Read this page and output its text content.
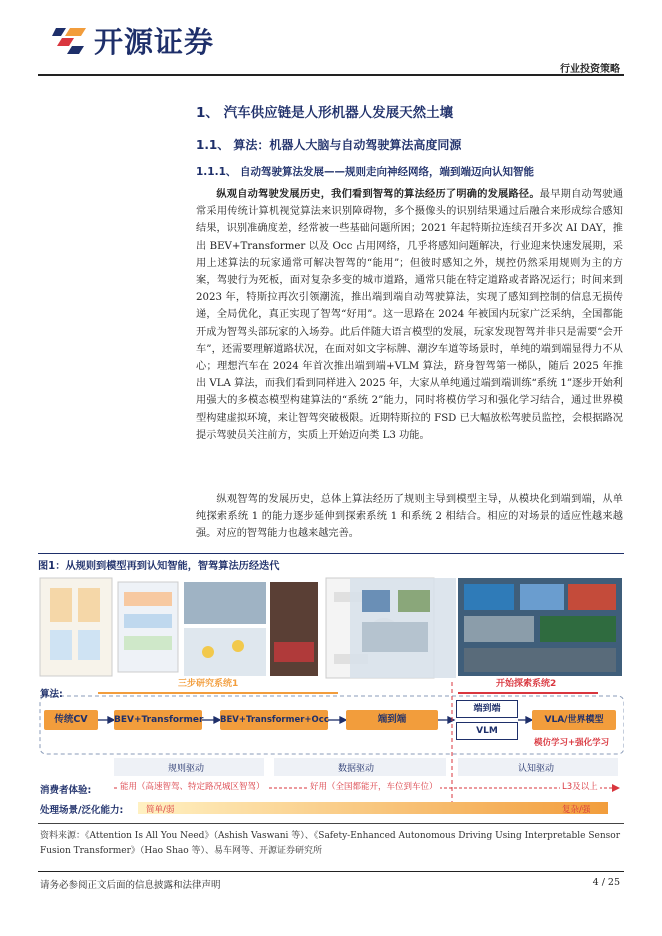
开源证券
行业投资策略
1、 汽车供应链是人形机器人发展天然土壤
1.1、 算法：机器人大脑与自动驾驶算法高度同源
1.1.1、 自动驾驶算法发展——规则走向神经网络，端到端迈向认知智能
纵观自动驾驶发展历史，我们看到智驾的算法经历了明确的发展路径。最早期自动驾驶通常采用传统计算机视觉算法来识别障碍物，多个摄像头的识别结果通过后融合来形成综合感知结果，识别准确度差，经常被一些基础问题所困；2021 年起特斯拉连续召开多次 AI DAY，推出 BEV+Transformer 以及 Occ 占用网络，几乎将感知问题解决，行业迎来快速发展期，采用上述算法的玩家通常可解决智驾的“能用”；但彼时感知之外，规控仍然采用规则为主的方案，驾驶行为死板，面对复杂多变的城市道路，通常只能在特定道路或者路况运行；时间来到 2023 年，特斯拉再次引领潮流，推出端到端自动驾驶算法，实现了感知到控制的信息无损传递，全局优化，真正实现了智驾“好用”。这一思路在 2024 年被国内玩家广泛采纳，全国都能开成为智驾头部玩家的入场券。此后伴随大语言模型的发展，玩家发现智驾并非只是需要“会开车”，还需要理解道路状况，在面对如文字标牌、潮汐车道等场景时，单纯的端到端显得力不从心；理想汽车在 2024 年首次推出端到端+VLM 算法，跻身智驾第一梯队，随后 2025 年推出 VLA 算法，而我们看到同样进入 2025 年，大家从单纯通过端到端训练“系统 1”逐步开始利用强大的多模态模型构建算法的“系统 2”能力，同时将模仿学习和强化学习结合，通过世界模型构建虚拟环境，来让智驾突破极限。近期特斯拉的 FSD 已大幅放松驾驶员监控，会根据路况提示驾驶员关注前方，实质上开始迈向类 L3 功能。
纵观智驾的发展历史，总体上算法经历了规则主导到模型主导，从模块化到端到端，从单纯探索系统 1 的能力逐步延伸到探索系统 1 和系统 2 相结合。相应的对场景的适应性越来越强。对应的智驾能力也越来越完善。
图1：从规则到模型再到认知智能，智驾算法历经迭代
三步研究系统1	开始探索系统2
算法:
消费者体验:
处理场景/泛化能力:
传统CV	BEV+Transformer BEV+Transformer+Occ	端到端
端到端
VLM
VLA/世界模型
模仿学习+强化学习
规则驱动	数据驱动	认知驱动
能用（高速智驾、特定路况城区智驾）	好用（全国都能开，车位到车位）	L3及以上
简单/弱	复杂/强
资料来源：《Attention Is All You Need》（Ashish Vaswani 等）、《Safety-Enhanced Autonomous Driving Using Interpretable Sensor Fusion Transformer》（Hao Shao 等）、易车网等、开源证券研究所
请务必参阅正文后面的信息披露和法律声明	4 / 25
